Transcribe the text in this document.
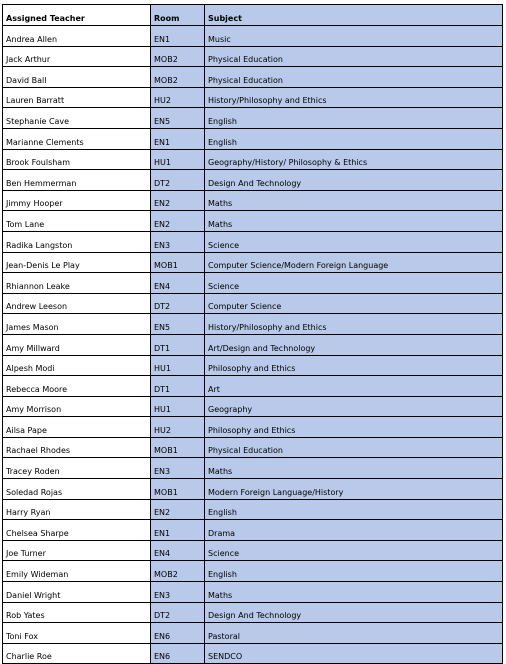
Assigned Teacher	Room	Subject
Andrea Allen	EN1	Music
Jack Arthur	MOB2	Physical Education
David Ball	MOB2	Physical Education
Lauren Barratt	HU2	History/Philosophy and Ethics
Stephanie Cave	EN5	English
Marianne Clements	EN1	English
Brook Foulsham	HU1	Geography/History/ Philosophy & Ethics
Ben Hemmerman	DT2	Design And Technology
Jimmy Hooper	EN2	Maths
Tom Lane	EN2	Maths
Radika Langston	EN3	Science
Jean-Denis Le Play	MOB1	Computer Science/Modern Foreign Language
Rhiannon Leake	EN4	Science
Andrew Leeson	DT2	Computer Science
James Mason	EN5	History/Philosophy and Ethics
Amy Millward	DT1	Art/Design and Technology
Alpesh Modi	HU1	Philosophy and Ethics
Rebecca Moore	DT1	Art
Amy Morrison	HU1	Geography
Ailsa Pape	HU2	Philosophy and Ethics
Rachael Rhodes	MOB1	Physical Education
Tracey Roden	EN3	Maths
Soledad Rojas	MOB1	Modern Foreign Language/History
Harry Ryan	EN2	English
Chelsea Sharpe	EN1	Drama
Joe Turner	EN4	Science
Emily Wideman	MOB2	English
Daniel Wright	EN3	Maths
Rob Yates	DT2	Design And Technology
Toni Fox	EN6	Pastoral
Charlie Roe	EN6	SENDCO
